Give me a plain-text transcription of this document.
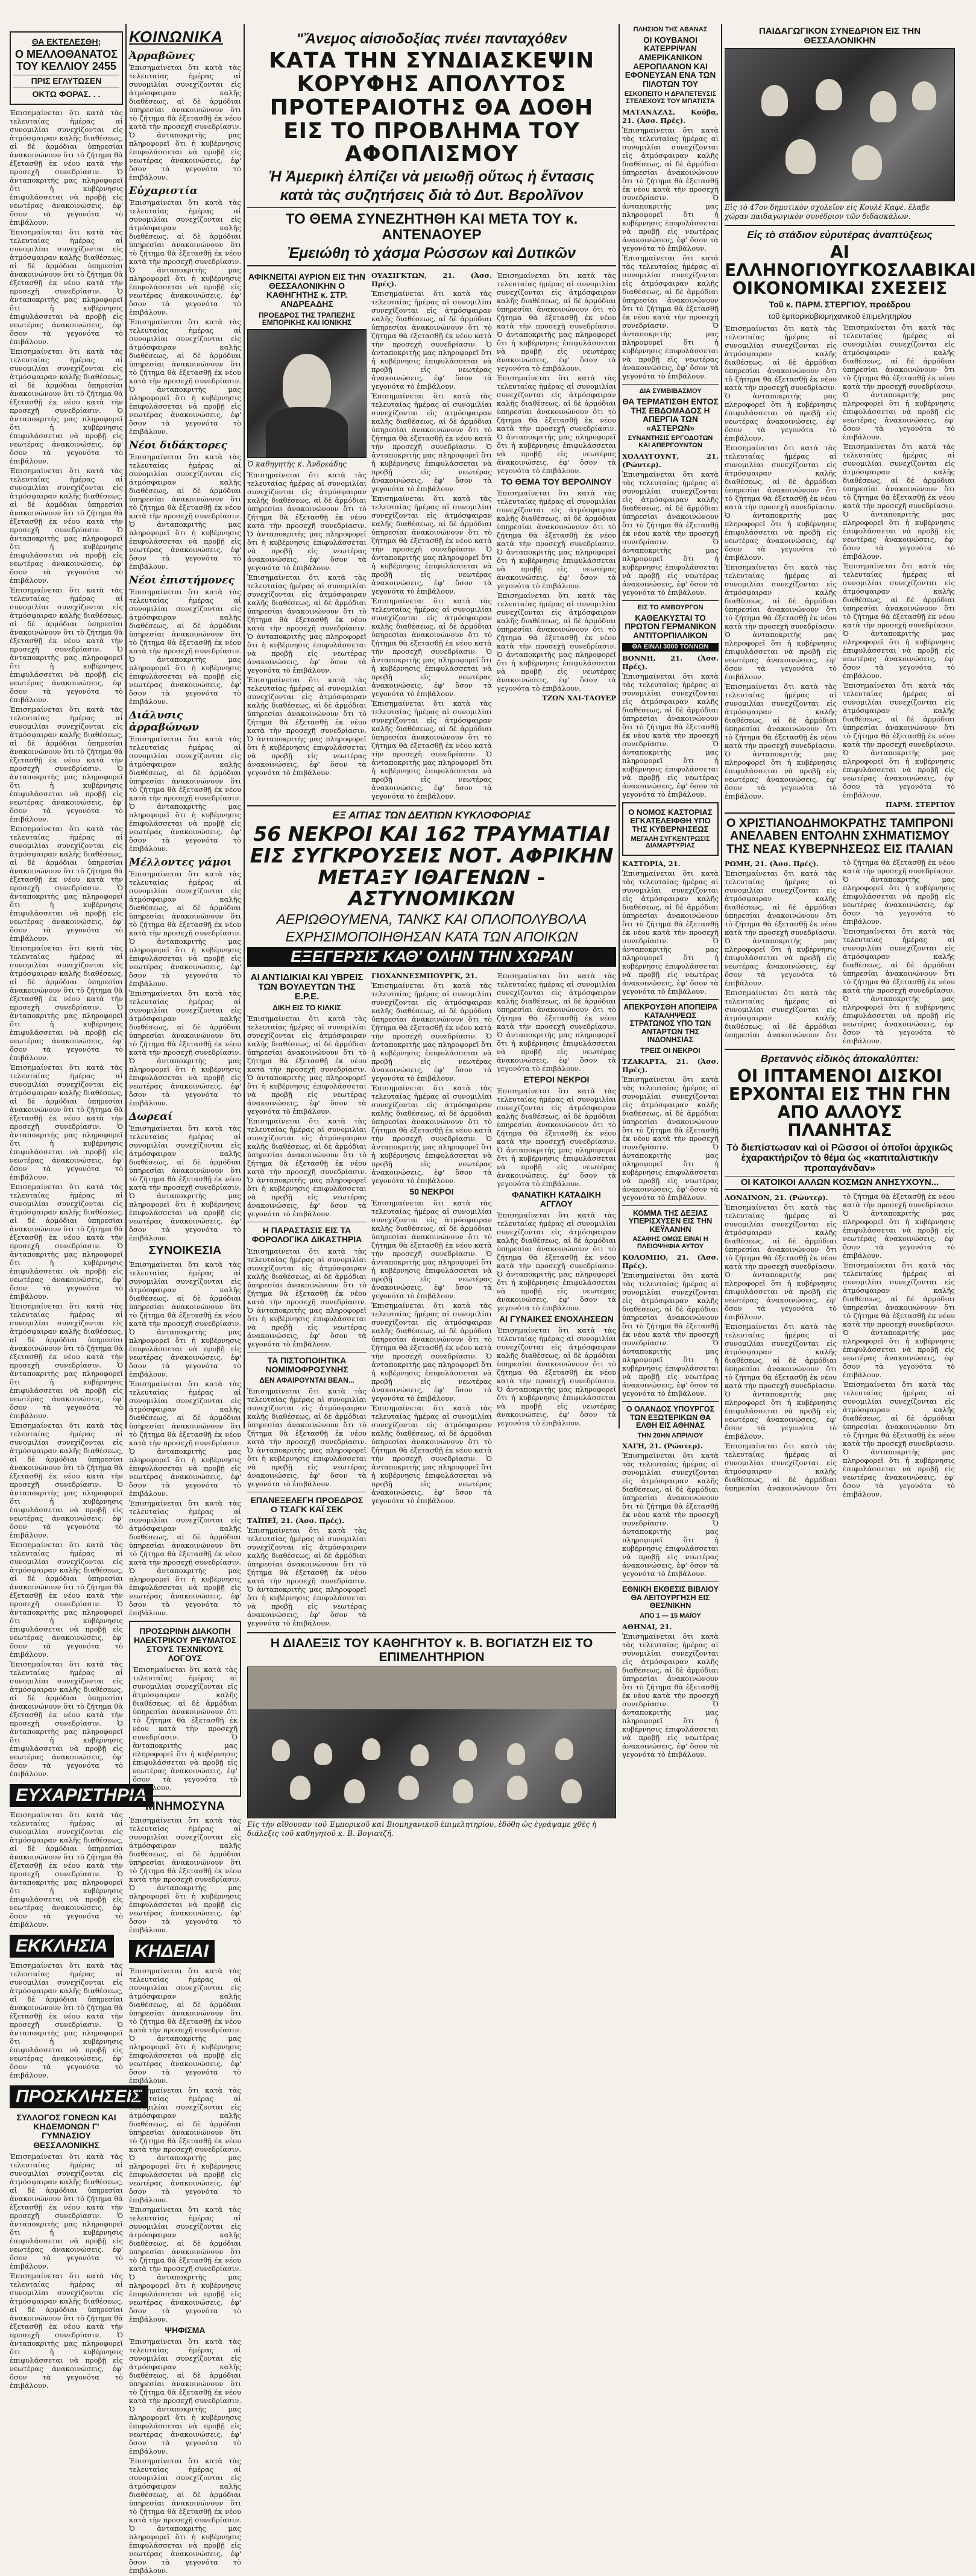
ΘΑ ΕΚΤΕΛΕΣΘΗ;
Ο ΜΕΛΛΟΘΑΝΑΤΟΣ ΤΟΥ ΚΕΛΛΙΟΥ 2455
ΠΡΙΣ ΕΓΛΥΤΩΣΕΝ
ΟΚΤΩ ΦΟΡΑΣ. . .

Ἐπισημαίνεται ὅτι κατὰ τὰς τελευταίας ἡμέρας αἱ συνομιλίαι συνεχίζονται εἰς ἀτμόσφαιραν καλῆς διαθέσεως, αἱ δὲ ἀρμόδιαι ὑπηρεσίαι ἀνακοινώνουν ὅτι τὸ ζήτημα θὰ ἐξετασθῇ ἐκ νέου κατὰ τὴν προσεχῆ συνεδρίασιν. Ὁ ἀνταποκριτὴς μας πληροφορεῖ ὅτι ἡ κυβέρνησις ἐπιφυλάσσεται νὰ προβῇ εἰς νεωτέρας ἀνακοινώσεις, ἐφ' ὅσον τὰ γεγονότα τὸ ἐπιβάλουν.

Ἐπισημαίνεται ὅτι κατὰ τὰς τελευταίας ἡμέρας αἱ συνομιλίαι συνεχίζονται εἰς ἀτμόσφαιραν καλῆς διαθέσεως, αἱ δὲ ἀρμόδιαι ὑπηρεσίαι ἀνακοινώνουν ὅτι τὸ ζήτημα θὰ ἐξετασθῇ ἐκ νέου κατὰ τὴν προσεχῆ συνεδρίασιν. Ὁ ἀνταποκριτὴς μας πληροφορεῖ ὅτι ἡ κυβέρνησις ἐπιφυλάσσεται νὰ προβῇ εἰς νεωτέρας ἀνακοινώσεις, ἐφ' ὅσον τὰ γεγονότα τὸ ἐπιβάλουν.

Ἐπισημαίνεται ὅτι κατὰ τὰς τελευταίας ἡμέρας αἱ συνομιλίαι συνεχίζονται εἰς ἀτμόσφαιραν καλῆς διαθέσεως, αἱ δὲ ἀρμόδιαι ὑπηρεσίαι ἀνακοινώνουν ὅτι τὸ ζήτημα θὰ ἐξετασθῇ ἐκ νέου κατὰ τὴν προσεχῆ συνεδρίασιν. Ὁ ἀνταποκριτὴς μας πληροφορεῖ ὅτι ἡ κυβέρνησις ἐπιφυλάσσεται νὰ προβῇ εἰς νεωτέρας ἀνακοινώσεις, ἐφ' ὅσον τὰ γεγονότα τὸ ἐπιβάλουν.

Ἐπισημαίνεται ὅτι κατὰ τὰς τελευταίας ἡμέρας αἱ συνομιλίαι συνεχίζονται εἰς ἀτμόσφαιραν καλῆς διαθέσεως, αἱ δὲ ἀρμόδιαι ὑπηρεσίαι ἀνακοινώνουν ὅτι τὸ ζήτημα θὰ ἐξετασθῇ ἐκ νέου κατὰ τὴν προσεχῆ συνεδρίασιν. Ὁ ἀνταποκριτὴς μας πληροφορεῖ ὅτι ἡ κυβέρνησις ἐπιφυλάσσεται νὰ προβῇ εἰς νεωτέρας ἀνακοινώσεις, ἐφ' ὅσον τὰ γεγονότα τὸ ἐπιβάλουν.

Ἐπισημαίνεται ὅτι κατὰ τὰς τελευταίας ἡμέρας αἱ συνομιλίαι συνεχίζονται εἰς ἀτμόσφαιραν καλῆς διαθέσεως, αἱ δὲ ἀρμόδιαι ὑπηρεσίαι ἀνακοινώνουν ὅτι τὸ ζήτημα θὰ ἐξετασθῇ ἐκ νέου κατὰ τὴν προσεχῆ συνεδρίασιν. Ὁ ἀνταποκριτὴς μας πληροφορεῖ ὅτι ἡ κυβέρνησις ἐπιφυλάσσεται νὰ προβῇ εἰς νεωτέρας ἀνακοινώσεις, ἐφ' ὅσον τὰ γεγονότα τὸ ἐπιβάλουν.

Ἐπισημαίνεται ὅτι κατὰ τὰς τελευταίας ἡμέρας αἱ συνομιλίαι συνεχίζονται εἰς ἀτμόσφαιραν καλῆς διαθέσεως, αἱ δὲ ἀρμόδιαι ὑπηρεσίαι ἀνακοινώνουν ὅτι τὸ ζήτημα θὰ ἐξετασθῇ ἐκ νέου κατὰ τὴν προσεχῆ συνεδρίασιν. Ὁ ἀνταποκριτὴς μας πληροφορεῖ ὅτι ἡ κυβέρνησις ἐπιφυλάσσεται νὰ προβῇ εἰς νεωτέρας ἀνακοινώσεις, ἐφ' ὅσον τὰ γεγονότα τὸ ἐπιβάλουν.

Ἐπισημαίνεται ὅτι κατὰ τὰς τελευταίας ἡμέρας αἱ συνομιλίαι συνεχίζονται εἰς ἀτμόσφαιραν καλῆς διαθέσεως, αἱ δὲ ἀρμόδιαι ὑπηρεσίαι ἀνακοινώνουν ὅτι τὸ ζήτημα θὰ ἐξετασθῇ ἐκ νέου κατὰ τὴν προσεχῆ συνεδρίασιν. Ὁ ἀνταποκριτὴς μας πληροφορεῖ ὅτι ἡ κυβέρνησις ἐπιφυλάσσεται νὰ προβῇ εἰς νεωτέρας ἀνακοινώσεις, ἐφ' ὅσον τὰ γεγονότα τὸ ἐπιβάλουν.

Ἐπισημαίνεται ὅτι κατὰ τὰς τελευταίας ἡμέρας αἱ συνομιλίαι συνεχίζονται εἰς ἀτμόσφαιραν καλῆς διαθέσεως, αἱ δὲ ἀρμόδιαι ὑπηρεσίαι ἀνακοινώνουν ὅτι τὸ ζήτημα θὰ ἐξετασθῇ ἐκ νέου κατὰ τὴν προσεχῆ συνεδρίασιν. Ὁ ἀνταποκριτὴς μας πληροφορεῖ ὅτι ἡ κυβέρνησις ἐπιφυλάσσεται νὰ προβῇ εἰς νεωτέρας ἀνακοινώσεις, ἐφ' ὅσον τὰ γεγονότα τὸ ἐπιβάλουν.

Ἐπισημαίνεται ὅτι κατὰ τὰς τελευταίας ἡμέρας αἱ συνομιλίαι συνεχίζονται εἰς ἀτμόσφαιραν καλῆς διαθέσεως, αἱ δὲ ἀρμόδιαι ὑπηρεσίαι ἀνακοινώνουν ὅτι τὸ ζήτημα θὰ ἐξετασθῇ ἐκ νέου κατὰ τὴν προσεχῆ συνεδρίασιν. Ὁ ἀνταποκριτὴς μας πληροφορεῖ ὅτι ἡ κυβέρνησις ἐπιφυλάσσεται νὰ προβῇ εἰς νεωτέρας ἀνακοινώσεις, ἐφ' ὅσον τὰ γεγονότα τὸ ἐπιβάλουν.

Ἐπισημαίνεται ὅτι κατὰ τὰς τελευταίας ἡμέρας αἱ συνομιλίαι συνεχίζονται εἰς ἀτμόσφαιραν καλῆς διαθέσεως, αἱ δὲ ἀρμόδιαι ὑπηρεσίαι ἀνακοινώνουν ὅτι τὸ ζήτημα θὰ ἐξετασθῇ ἐκ νέου κατὰ τὴν προσεχῆ συνεδρίασιν. Ὁ ἀνταποκριτὴς μας πληροφορεῖ ὅτι ἡ κυβέρνησις ἐπιφυλάσσεται νὰ προβῇ εἰς νεωτέρας ἀνακοινώσεις, ἐφ' ὅσον τὰ γεγονότα τὸ ἐπιβάλουν.

Ἐπισημαίνεται ὅτι κατὰ τὰς τελευταίας ἡμέρας αἱ συνομιλίαι συνεχίζονται εἰς ἀτμόσφαιραν καλῆς διαθέσεως, αἱ δὲ ἀρμόδιαι ὑπηρεσίαι ἀνακοινώνουν ὅτι τὸ ζήτημα θὰ ἐξετασθῇ ἐκ νέου κατὰ τὴν προσεχῆ συνεδρίασιν. Ὁ ἀνταποκριτὴς μας πληροφορεῖ ὅτι ἡ κυβέρνησις ἐπιφυλάσσεται νὰ προβῇ εἰς νεωτέρας ἀνακοινώσεις, ἐφ' ὅσον τὰ γεγονότα τὸ ἐπιβάλουν.

Ἐπισημαίνεται ὅτι κατὰ τὰς τελευταίας ἡμέρας αἱ συνομιλίαι συνεχίζονται εἰς ἀτμόσφαιραν καλῆς διαθέσεως, αἱ δὲ ἀρμόδιαι ὑπηρεσίαι ἀνακοινώνουν ὅτι τὸ ζήτημα θὰ ἐξετασθῇ ἐκ νέου κατὰ τὴν προσεχῆ συνεδρίασιν. Ὁ ἀνταποκριτὴς μας πληροφορεῖ ὅτι ἡ κυβέρνησις ἐπιφυλάσσεται νὰ προβῇ εἰς νεωτέρας ἀνακοινώσεις, ἐφ' ὅσον τὰ γεγονότα τὸ ἐπιβάλουν.

Ἐπισημαίνεται ὅτι κατὰ τὰς τελευταίας ἡμέρας αἱ συνομιλίαι συνεχίζονται εἰς ἀτμόσφαιραν καλῆς διαθέσεως, αἱ δὲ ἀρμόδιαι ὑπηρεσίαι ἀνακοινώνουν ὅτι τὸ ζήτημα θὰ ἐξετασθῇ ἐκ νέου κατὰ τὴν προσεχῆ συνεδρίασιν. Ὁ ἀνταποκριτὴς μας πληροφορεῖ ὅτι ἡ κυβέρνησις ἐπιφυλάσσεται νὰ προβῇ εἰς νεωτέρας ἀνακοινώσεις, ἐφ' ὅσον τὰ γεγονότα τὸ ἐπιβάλουν.

Ἐπισημαίνεται ὅτι κατὰ τὰς τελευταίας ἡμέρας αἱ συνομιλίαι συνεχίζονται εἰς ἀτμόσφαιραν καλῆς διαθέσεως, αἱ δὲ ἀρμόδιαι ὑπηρεσίαι ἀνακοινώνουν ὅτι τὸ ζήτημα θὰ ἐξετασθῇ ἐκ νέου κατὰ τὴν προσεχῆ συνεδρίασιν. Ὁ ἀνταποκριτὴς μας πληροφορεῖ ὅτι ἡ κυβέρνησις ἐπιφυλάσσεται νὰ προβῇ εἰς νεωτέρας ἀνακοινώσεις, ἐφ' ὅσον τὰ γεγονότα τὸ ἐπιβάλουν.

ΕΥΧΑΡΙΣΤΗΡΙΑ

Ἐπισημαίνεται ὅτι κατὰ τὰς τελευταίας ἡμέρας αἱ συνομιλίαι συνεχίζονται εἰς ἀτμόσφαιραν καλῆς διαθέσεως, αἱ δὲ ἀρμόδιαι ὑπηρεσίαι ἀνακοινώνουν ὅτι τὸ ζήτημα θὰ ἐξετασθῇ ἐκ νέου κατὰ τὴν προσεχῆ συνεδρίασιν. Ὁ ἀνταποκριτὴς μας πληροφορεῖ ὅτι ἡ κυβέρνησις ἐπιφυλάσσεται νὰ προβῇ εἰς νεωτέρας ἀνακοινώσεις, ἐφ' ὅσον τὰ γεγονότα τὸ ἐπιβάλουν.

ΕΚΚΛΗΣΙΑ

Ἐπισημαίνεται ὅτι κατὰ τὰς τελευταίας ἡμέρας αἱ συνομιλίαι συνεχίζονται εἰς ἀτμόσφαιραν καλῆς διαθέσεως, αἱ δὲ ἀρμόδιαι ὑπηρεσίαι ἀνακοινώνουν ὅτι τὸ ζήτημα θὰ ἐξετασθῇ ἐκ νέου κατὰ τὴν προσεχῆ συνεδρίασιν. Ὁ ἀνταποκριτὴς μας πληροφορεῖ ὅτι ἡ κυβέρνησις ἐπιφυλάσσεται νὰ προβῇ εἰς νεωτέρας ἀνακοινώσεις, ἐφ' ὅσον τὰ γεγονότα τὸ ἐπιβάλουν.

ΠΡΟΣΚΛΗΣΕΙΣ
ΣΥΛΛΟΓΟΣ ΓΟΝΕΩΝ ΚΑΙ ΚΗΔΕΜΟΝΩΝ Γ' ΓΥΜΝΑΣΙΟΥ ΘΕΣΣΑΛΟΝΙΚΗΣ

Ἐπισημαίνεται ὅτι κατὰ τὰς τελευταίας ἡμέρας αἱ συνομιλίαι συνεχίζονται εἰς ἀτμόσφαιραν καλῆς διαθέσεως, αἱ δὲ ἀρμόδιαι ὑπηρεσίαι ἀνακοινώνουν ὅτι τὸ ζήτημα θὰ ἐξετασθῇ ἐκ νέου κατὰ τὴν προσεχῆ συνεδρίασιν. Ὁ ἀνταποκριτὴς μας πληροφορεῖ ὅτι ἡ κυβέρνησις ἐπιφυλάσσεται νὰ προβῇ εἰς νεωτέρας ἀνακοινώσεις, ἐφ' ὅσον τὰ γεγονότα τὸ ἐπιβάλουν.

Ἐπισημαίνεται ὅτι κατὰ τὰς τελευταίας ἡμέρας αἱ συνομιλίαι συνεχίζονται εἰς ἀτμόσφαιραν καλῆς διαθέσεως, αἱ δὲ ἀρμόδιαι ὑπηρεσίαι ἀνακοινώνουν ὅτι τὸ ζήτημα θὰ ἐξετασθῇ ἐκ νέου κατὰ τὴν προσεχῆ συνεδρίασιν. Ὁ ἀνταποκριτὴς μας πληροφορεῖ ὅτι ἡ κυβέρνησις ἐπιφυλάσσεται νὰ προβῇ εἰς νεωτέρας ἀνακοινώσεις, ἐφ' ὅσον τὰ γεγονότα τὸ ἐπιβάλουν.

ΚΟΙΝΩΝΙΚΑ
Ἀρραβῶνες

Ἐπισημαίνεται ὅτι κατὰ τὰς τελευταίας ἡμέρας αἱ συνομιλίαι συνεχίζονται εἰς ἀτμόσφαιραν καλῆς διαθέσεως, αἱ δὲ ἀρμόδιαι ὑπηρεσίαι ἀνακοινώνουν ὅτι τὸ ζήτημα θὰ ἐξετασθῇ ἐκ νέου κατὰ τὴν προσεχῆ συνεδρίασιν. Ὁ ἀνταποκριτὴς μας πληροφορεῖ ὅτι ἡ κυβέρνησις ἐπιφυλάσσεται νὰ προβῇ εἰς νεωτέρας ἀνακοινώσεις, ἐφ' ὅσον τὰ γεγονότα τὸ ἐπιβάλουν.

Εὐχαριστία

Ἐπισημαίνεται ὅτι κατὰ τὰς τελευταίας ἡμέρας αἱ συνομιλίαι συνεχίζονται εἰς ἀτμόσφαιραν καλῆς διαθέσεως, αἱ δὲ ἀρμόδιαι ὑπηρεσίαι ἀνακοινώνουν ὅτι τὸ ζήτημα θὰ ἐξετασθῇ ἐκ νέου κατὰ τὴν προσεχῆ συνεδρίασιν. Ὁ ἀνταποκριτὴς μας πληροφορεῖ ὅτι ἡ κυβέρνησις ἐπιφυλάσσεται νὰ προβῇ εἰς νεωτέρας ἀνακοινώσεις, ἐφ' ὅσον τὰ γεγονότα τὸ ἐπιβάλουν.

Ἐπισημαίνεται ὅτι κατὰ τὰς τελευταίας ἡμέρας αἱ συνομιλίαι συνεχίζονται εἰς ἀτμόσφαιραν καλῆς διαθέσεως, αἱ δὲ ἀρμόδιαι ὑπηρεσίαι ἀνακοινώνουν ὅτι τὸ ζήτημα θὰ ἐξετασθῇ ἐκ νέου κατὰ τὴν προσεχῆ συνεδρίασιν. Ὁ ἀνταποκριτὴς μας πληροφορεῖ ὅτι ἡ κυβέρνησις ἐπιφυλάσσεται νὰ προβῇ εἰς νεωτέρας ἀνακοινώσεις, ἐφ' ὅσον τὰ γεγονότα τὸ ἐπιβάλουν.

Νέοι διδάκτορες

Ἐπισημαίνεται ὅτι κατὰ τὰς τελευταίας ἡμέρας αἱ συνομιλίαι συνεχίζονται εἰς ἀτμόσφαιραν καλῆς διαθέσεως, αἱ δὲ ἀρμόδιαι ὑπηρεσίαι ἀνακοινώνουν ὅτι τὸ ζήτημα θὰ ἐξετασθῇ ἐκ νέου κατὰ τὴν προσεχῆ συνεδρίασιν. Ὁ ἀνταποκριτὴς μας πληροφορεῖ ὅτι ἡ κυβέρνησις ἐπιφυλάσσεται νὰ προβῇ εἰς νεωτέρας ἀνακοινώσεις, ἐφ' ὅσον τὰ γεγονότα τὸ ἐπιβάλουν.

Νέοι ἐπιστήμονες

Ἐπισημαίνεται ὅτι κατὰ τὰς τελευταίας ἡμέρας αἱ συνομιλίαι συνεχίζονται εἰς ἀτμόσφαιραν καλῆς διαθέσεως, αἱ δὲ ἀρμόδιαι ὑπηρεσίαι ἀνακοινώνουν ὅτι τὸ ζήτημα θὰ ἐξετασθῇ ἐκ νέου κατὰ τὴν προσεχῆ συνεδρίασιν. Ὁ ἀνταποκριτὴς μας πληροφορεῖ ὅτι ἡ κυβέρνησις ἐπιφυλάσσεται νὰ προβῇ εἰς νεωτέρας ἀνακοινώσεις, ἐφ' ὅσον τὰ γεγονότα τὸ ἐπιβάλουν.

Διάλυσις ἀρραβώνων

Ἐπισημαίνεται ὅτι κατὰ τὰς τελευταίας ἡμέρας αἱ συνομιλίαι συνεχίζονται εἰς ἀτμόσφαιραν καλῆς διαθέσεως, αἱ δὲ ἀρμόδιαι ὑπηρεσίαι ἀνακοινώνουν ὅτι τὸ ζήτημα θὰ ἐξετασθῇ ἐκ νέου κατὰ τὴν προσεχῆ συνεδρίασιν. Ὁ ἀνταποκριτὴς μας πληροφορεῖ ὅτι ἡ κυβέρνησις ἐπιφυλάσσεται νὰ προβῇ εἰς νεωτέρας ἀνακοινώσεις, ἐφ' ὅσον τὰ γεγονότα τὸ ἐπιβάλουν.

Μέλλοντες γάμοι

Ἐπισημαίνεται ὅτι κατὰ τὰς τελευταίας ἡμέρας αἱ συνομιλίαι συνεχίζονται εἰς ἀτμόσφαιραν καλῆς διαθέσεως, αἱ δὲ ἀρμόδιαι ὑπηρεσίαι ἀνακοινώνουν ὅτι τὸ ζήτημα θὰ ἐξετασθῇ ἐκ νέου κατὰ τὴν προσεχῆ συνεδρίασιν. Ὁ ἀνταποκριτὴς μας πληροφορεῖ ὅτι ἡ κυβέρνησις ἐπιφυλάσσεται νὰ προβῇ εἰς νεωτέρας ἀνακοινώσεις, ἐφ' ὅσον τὰ γεγονότα τὸ ἐπιβάλουν.

Ἐπισημαίνεται ὅτι κατὰ τὰς τελευταίας ἡμέρας αἱ συνομιλίαι συνεχίζονται εἰς ἀτμόσφαιραν καλῆς διαθέσεως, αἱ δὲ ἀρμόδιαι ὑπηρεσίαι ἀνακοινώνουν ὅτι τὸ ζήτημα θὰ ἐξετασθῇ ἐκ νέου κατὰ τὴν προσεχῆ συνεδρίασιν. Ὁ ἀνταποκριτὴς μας πληροφορεῖ ὅτι ἡ κυβέρνησις ἐπιφυλάσσεται νὰ προβῇ εἰς νεωτέρας ἀνακοινώσεις, ἐφ' ὅσον τὰ γεγονότα τὸ ἐπιβάλουν.

Δωρεαί

Ἐπισημαίνεται ὅτι κατὰ τὰς τελευταίας ἡμέρας αἱ συνομιλίαι συνεχίζονται εἰς ἀτμόσφαιραν καλῆς διαθέσεως, αἱ δὲ ἀρμόδιαι ὑπηρεσίαι ἀνακοινώνουν ὅτι τὸ ζήτημα θὰ ἐξετασθῇ ἐκ νέου κατὰ τὴν προσεχῆ συνεδρίασιν. Ὁ ἀνταποκριτὴς μας πληροφορεῖ ὅτι ἡ κυβέρνησις ἐπιφυλάσσεται νὰ προβῇ εἰς νεωτέρας ἀνακοινώσεις, ἐφ' ὅσον τὰ γεγονότα τὸ ἐπιβάλουν.

ΣΥΝΟΙΚΕΣΙΑ

Ἐπισημαίνεται ὅτι κατὰ τὰς τελευταίας ἡμέρας αἱ συνομιλίαι συνεχίζονται εἰς ἀτμόσφαιραν καλῆς διαθέσεως, αἱ δὲ ἀρμόδιαι ὑπηρεσίαι ἀνακοινώνουν ὅτι τὸ ζήτημα θὰ ἐξετασθῇ ἐκ νέου κατὰ τὴν προσεχῆ συνεδρίασιν. Ὁ ἀνταποκριτὴς μας πληροφορεῖ ὅτι ἡ κυβέρνησις ἐπιφυλάσσεται νὰ προβῇ εἰς νεωτέρας ἀνακοινώσεις, ἐφ' ὅσον τὰ γεγονότα τὸ ἐπιβάλουν.

Ἐπισημαίνεται ὅτι κατὰ τὰς τελευταίας ἡμέρας αἱ συνομιλίαι συνεχίζονται εἰς ἀτμόσφαιραν καλῆς διαθέσεως, αἱ δὲ ἀρμόδιαι ὑπηρεσίαι ἀνακοινώνουν ὅτι τὸ ζήτημα θὰ ἐξετασθῇ ἐκ νέου κατὰ τὴν προσεχῆ συνεδρίασιν. Ὁ ἀνταποκριτὴς μας πληροφορεῖ ὅτι ἡ κυβέρνησις ἐπιφυλάσσεται νὰ προβῇ εἰς νεωτέρας ἀνακοινώσεις, ἐφ' ὅσον τὰ γεγονότα τὸ ἐπιβάλουν.

Ἐπισημαίνεται ὅτι κατὰ τὰς τελευταίας ἡμέρας αἱ συνομιλίαι συνεχίζονται εἰς ἀτμόσφαιραν καλῆς διαθέσεως, αἱ δὲ ἀρμόδιαι ὑπηρεσίαι ἀνακοινώνουν ὅτι τὸ ζήτημα θὰ ἐξετασθῇ ἐκ νέου κατὰ τὴν προσεχῆ συνεδρίασιν. Ὁ ἀνταποκριτὴς μας πληροφορεῖ ὅτι ἡ κυβέρνησις ἐπιφυλάσσεται νὰ προβῇ εἰς νεωτέρας ἀνακοινώσεις, ἐφ' ὅσον τὰ γεγονότα τὸ ἐπιβάλουν.

ΠΡΟΣΩΡΙΝΗ ΔΙΑΚΟΠΗ ΗΛΕΚΤΡΙΚΟΥ ΡΕΥΜΑΤΟΣ ΣΤΟΥΣ ΤΕΧΝΙΚΟΥΣ ΛΟΓΟΥΣ

Ἐπισημαίνεται ὅτι κατὰ τὰς τελευταίας ἡμέρας αἱ συνομιλίαι συνεχίζονται εἰς ἀτμόσφαιραν καλῆς διαθέσεως, αἱ δὲ ἀρμόδιαι ὑπηρεσίαι ἀνακοινώνουν ὅτι τὸ ζήτημα θὰ ἐξετασθῇ ἐκ νέου κατὰ τὴν προσεχῆ συνεδρίασιν. Ὁ ἀνταποκριτὴς μας πληροφορεῖ ὅτι ἡ κυβέρνησις ἐπιφυλάσσεται νὰ προβῇ εἰς νεωτέρας ἀνακοινώσεις, ἐφ' ὅσον τὰ γεγονότα τὸ ἐπιβάλουν.

ΜΝΗΜΟΣΥΝΑ

Ἐπισημαίνεται ὅτι κατὰ τὰς τελευταίας ἡμέρας αἱ συνομιλίαι συνεχίζονται εἰς ἀτμόσφαιραν καλῆς διαθέσεως, αἱ δὲ ἀρμόδιαι ὑπηρεσίαι ἀνακοινώνουν ὅτι τὸ ζήτημα θὰ ἐξετασθῇ ἐκ νέου κατὰ τὴν προσεχῆ συνεδρίασιν. Ὁ ἀνταποκριτὴς μας πληροφορεῖ ὅτι ἡ κυβέρνησις ἐπιφυλάσσεται νὰ προβῇ εἰς νεωτέρας ἀνακοινώσεις, ἐφ' ὅσον τὰ γεγονότα τὸ ἐπιβάλουν.

ΚΗΔΕΙΑΙ

Ἐπισημαίνεται ὅτι κατὰ τὰς τελευταίας ἡμέρας αἱ συνομιλίαι συνεχίζονται εἰς ἀτμόσφαιραν καλῆς διαθέσεως, αἱ δὲ ἀρμόδιαι ὑπηρεσίαι ἀνακοινώνουν ὅτι τὸ ζήτημα θὰ ἐξετασθῇ ἐκ νέου κατὰ τὴν προσεχῆ συνεδρίασιν. Ὁ ἀνταποκριτὴς μας πληροφορεῖ ὅτι ἡ κυβέρνησις ἐπιφυλάσσεται νὰ προβῇ εἰς νεωτέρας ἀνακοινώσεις, ἐφ' ὅσον τὰ γεγονότα τὸ ἐπιβάλουν.

Ἐπισημαίνεται ὅτι κατὰ τὰς τελευταίας ἡμέρας αἱ συνομιλίαι συνεχίζονται εἰς ἀτμόσφαιραν καλῆς διαθέσεως, αἱ δὲ ἀρμόδιαι ὑπηρεσίαι ἀνακοινώνουν ὅτι τὸ ζήτημα θὰ ἐξετασθῇ ἐκ νέου κατὰ τὴν προσεχῆ συνεδρίασιν. Ὁ ἀνταποκριτὴς μας πληροφορεῖ ὅτι ἡ κυβέρνησις ἐπιφυλάσσεται νὰ προβῇ εἰς νεωτέρας ἀνακοινώσεις, ἐφ' ὅσον τὰ γεγονότα τὸ ἐπιβάλουν.

Ἐπισημαίνεται ὅτι κατὰ τὰς τελευταίας ἡμέρας αἱ συνομιλίαι συνεχίζονται εἰς ἀτμόσφαιραν καλῆς διαθέσεως, αἱ δὲ ἀρμόδιαι ὑπηρεσίαι ἀνακοινώνουν ὅτι τὸ ζήτημα θὰ ἐξετασθῇ ἐκ νέου κατὰ τὴν προσεχῆ συνεδρίασιν. Ὁ ἀνταποκριτὴς μας πληροφορεῖ ὅτι ἡ κυβέρνησις ἐπιφυλάσσεται νὰ προβῇ εἰς νεωτέρας ἀνακοινώσεις, ἐφ' ὅσον τὰ γεγονότα τὸ ἐπιβάλουν.

ΨΗΦΙΣΜΑ

Ἐπισημαίνεται ὅτι κατὰ τὰς τελευταίας ἡμέρας αἱ συνομιλίαι συνεχίζονται εἰς ἀτμόσφαιραν καλῆς διαθέσεως, αἱ δὲ ἀρμόδιαι ὑπηρεσίαι ἀνακοινώνουν ὅτι τὸ ζήτημα θὰ ἐξετασθῇ ἐκ νέου κατὰ τὴν προσεχῆ συνεδρίασιν. Ὁ ἀνταποκριτὴς μας πληροφορεῖ ὅτι ἡ κυβέρνησις ἐπιφυλάσσεται νὰ προβῇ εἰς νεωτέρας ἀνακοινώσεις, ἐφ' ὅσον τὰ γεγονότα τὸ ἐπιβάλουν.

Ἐπισημαίνεται ὅτι κατὰ τὰς τελευταίας ἡμέρας αἱ συνομιλίαι συνεχίζονται εἰς ἀτμόσφαιραν καλῆς διαθέσεως, αἱ δὲ ἀρμόδιαι ὑπηρεσίαι ἀνακοινώνουν ὅτι τὸ ζήτημα θὰ ἐξετασθῇ ἐκ νέου κατὰ τὴν προσεχῆ συνεδρίασιν. Ὁ ἀνταποκριτὴς μας πληροφορεῖ ὅτι ἡ κυβέρνησις ἐπιφυλάσσεται νὰ προβῇ εἰς νεωτέρας ἀνακοινώσεις, ἐφ' ὅσον τὰ γεγονότα τὸ ἐπιβάλουν.

"Ἄνεμος αἰσιοδοξίας πνέει πανταχόθεν
ΚΑΤΑ ΤΗΝ ΣΥΝΔΙΑΣΚΕΨΙΝ ΚΟΡΥΦΗΣ ΑΠΟΛΥΤΟΣ ΠΡΟΤΕΡΑΙΟΤΗΣ ΘΑ ΔΟΘΗ ΕΙΣ ΤΟ ΠΡΟΒΛΗΜΑ ΤΟΥ ΑΦΟΠΛΙΣΜΟΥ
Ἡ Ἀμερικὴ ἐλπίζει νὰ μειωθῇ οὕτως ἡ ἔντασις
κατὰ τὰς συζητήσεις διὰ τὸ Δυτ. Βερολῖνον
ΤΟ ΘΕΜΑ ΣΥΝΕΖΗΤΗΘΗ ΚΑΙ ΜΕΤΑ ΤΟΥ κ. ΑΝΤΕΝΑΟΥΕΡ
Ἐμειώθη τὸ χάσμα Ρώσσων καὶ Δυτικῶν
ΑΦΙΚΝΕΙΤΑΙ ΑΥΡΙΟΝ ΕΙΣ ΤΗΝ ΘΕΣΣΑΛΟΝΙΚΗΝ Ο ΚΑΘΗΓΗΤΗΣ κ. ΣΤΡ. ΑΝΔΡΕΑΔΗΣ
ΠΡΟΕΔΡΟΣ ΤΗΣ ΤΡΑΠΕΖΗΣ ΕΜΠΟΡΙΚΗΣ ΚΑΙ ΙΟΝΙΚΗΣ
Ὁ καθηγητὴς κ. Ἀνδρεάδης

Ἐπισημαίνεται ὅτι κατὰ τὰς τελευταίας ἡμέρας αἱ συνομιλίαι συνεχίζονται εἰς ἀτμόσφαιραν καλῆς διαθέσεως, αἱ δὲ ἀρμόδιαι ὑπηρεσίαι ἀνακοινώνουν ὅτι τὸ ζήτημα θὰ ἐξετασθῇ ἐκ νέου κατὰ τὴν προσεχῆ συνεδρίασιν. Ὁ ἀνταποκριτὴς μας πληροφορεῖ ὅτι ἡ κυβέρνησις ἐπιφυλάσσεται νὰ προβῇ εἰς νεωτέρας ἀνακοινώσεις, ἐφ' ὅσον τὰ γεγονότα τὸ ἐπιβάλουν.

Ἐπισημαίνεται ὅτι κατὰ τὰς τελευταίας ἡμέρας αἱ συνομιλίαι συνεχίζονται εἰς ἀτμόσφαιραν καλῆς διαθέσεως, αἱ δὲ ἀρμόδιαι ὑπηρεσίαι ἀνακοινώνουν ὅτι τὸ ζήτημα θὰ ἐξετασθῇ ἐκ νέου κατὰ τὴν προσεχῆ συνεδρίασιν. Ὁ ἀνταποκριτὴς μας πληροφορεῖ ὅτι ἡ κυβέρνησις ἐπιφυλάσσεται νὰ προβῇ εἰς νεωτέρας ἀνακοινώσεις, ἐφ' ὅσον τὰ γεγονότα τὸ ἐπιβάλουν.

Ἐπισημαίνεται ὅτι κατὰ τὰς τελευταίας ἡμέρας αἱ συνομιλίαι συνεχίζονται εἰς ἀτμόσφαιραν καλῆς διαθέσεως, αἱ δὲ ἀρμόδιαι ὑπηρεσίαι ἀνακοινώνουν ὅτι τὸ ζήτημα θὰ ἐξετασθῇ ἐκ νέου κατὰ τὴν προσεχῆ συνεδρίασιν. Ὁ ἀνταποκριτὴς μας πληροφορεῖ ὅτι ἡ κυβέρνησις ἐπιφυλάσσεται νὰ προβῇ εἰς νεωτέρας ἀνακοινώσεις, ἐφ' ὅσον τὰ γεγονότα τὸ ἐπιβάλουν.

ΟΥΑΣΙΓΚΤΩΝ, 21. (Ἀσσ. Πρές).

Ἐπισημαίνεται ὅτι κατὰ τὰς τελευταίας ἡμέρας αἱ συνομιλίαι συνεχίζονται εἰς ἀτμόσφαιραν καλῆς διαθέσεως, αἱ δὲ ἀρμόδιαι ὑπηρεσίαι ἀνακοινώνουν ὅτι τὸ ζήτημα θὰ ἐξετασθῇ ἐκ νέου κατὰ τὴν προσεχῆ συνεδρίασιν. Ὁ ἀνταποκριτὴς μας πληροφορεῖ ὅτι ἡ κυβέρνησις ἐπιφυλάσσεται νὰ προβῇ εἰς νεωτέρας ἀνακοινώσεις, ἐφ' ὅσον τὰ γεγονότα τὸ ἐπιβάλουν.

Ἐπισημαίνεται ὅτι κατὰ τὰς τελευταίας ἡμέρας αἱ συνομιλίαι συνεχίζονται εἰς ἀτμόσφαιραν καλῆς διαθέσεως, αἱ δὲ ἀρμόδιαι ὑπηρεσίαι ἀνακοινώνουν ὅτι τὸ ζήτημα θὰ ἐξετασθῇ ἐκ νέου κατὰ τὴν προσεχῆ συνεδρίασιν. Ὁ ἀνταποκριτὴς μας πληροφορεῖ ὅτι ἡ κυβέρνησις ἐπιφυλάσσεται νὰ προβῇ εἰς νεωτέρας ἀνακοινώσεις, ἐφ' ὅσον τὰ γεγονότα τὸ ἐπιβάλουν.

Ἐπισημαίνεται ὅτι κατὰ τὰς τελευταίας ἡμέρας αἱ συνομιλίαι συνεχίζονται εἰς ἀτμόσφαιραν καλῆς διαθέσεως, αἱ δὲ ἀρμόδιαι ὑπηρεσίαι ἀνακοινώνουν ὅτι τὸ ζήτημα θὰ ἐξετασθῇ ἐκ νέου κατὰ τὴν προσεχῆ συνεδρίασιν. Ὁ ἀνταποκριτὴς μας πληροφορεῖ ὅτι ἡ κυβέρνησις ἐπιφυλάσσεται νὰ προβῇ εἰς νεωτέρας ἀνακοινώσεις, ἐφ' ὅσον τὰ γεγονότα τὸ ἐπιβάλουν.

Ἐπισημαίνεται ὅτι κατὰ τὰς τελευταίας ἡμέρας αἱ συνομιλίαι συνεχίζονται εἰς ἀτμόσφαιραν καλῆς διαθέσεως, αἱ δὲ ἀρμόδιαι ὑπηρεσίαι ἀνακοινώνουν ὅτι τὸ ζήτημα θὰ ἐξετασθῇ ἐκ νέου κατὰ τὴν προσεχῆ συνεδρίασιν. Ὁ ἀνταποκριτὴς μας πληροφορεῖ ὅτι ἡ κυβέρνησις ἐπιφυλάσσεται νὰ προβῇ εἰς νεωτέρας ἀνακοινώσεις, ἐφ' ὅσον τὰ γεγονότα τὸ ἐπιβάλουν.

Ἐπισημαίνεται ὅτι κατὰ τὰς τελευταίας ἡμέρας αἱ συνομιλίαι συνεχίζονται εἰς ἀτμόσφαιραν καλῆς διαθέσεως, αἱ δὲ ἀρμόδιαι ὑπηρεσίαι ἀνακοινώνουν ὅτι τὸ ζήτημα θὰ ἐξετασθῇ ἐκ νέου κατὰ τὴν προσεχῆ συνεδρίασιν. Ὁ ἀνταποκριτὴς μας πληροφορεῖ ὅτι ἡ κυβέρνησις ἐπιφυλάσσεται νὰ προβῇ εἰς νεωτέρας ἀνακοινώσεις, ἐφ' ὅσον τὰ γεγονότα τὸ ἐπιβάλουν.

Ἐπισημαίνεται ὅτι κατὰ τὰς τελευταίας ἡμέρας αἱ συνομιλίαι συνεχίζονται εἰς ἀτμόσφαιραν καλῆς διαθέσεως, αἱ δὲ ἀρμόδιαι ὑπηρεσίαι ἀνακοινώνουν ὅτι τὸ ζήτημα θὰ ἐξετασθῇ ἐκ νέου κατὰ τὴν προσεχῆ συνεδρίασιν. Ὁ ἀνταποκριτὴς μας πληροφορεῖ ὅτι ἡ κυβέρνησις ἐπιφυλάσσεται νὰ προβῇ εἰς νεωτέρας ἀνακοινώσεις, ἐφ' ὅσον τὰ γεγονότα τὸ ἐπιβάλουν.

Ἐπισημαίνεται ὅτι κατὰ τὰς τελευταίας ἡμέρας αἱ συνομιλίαι συνεχίζονται εἰς ἀτμόσφαιραν καλῆς διαθέσεως, αἱ δὲ ἀρμόδιαι ὑπηρεσίαι ἀνακοινώνουν ὅτι τὸ ζήτημα θὰ ἐξετασθῇ ἐκ νέου κατὰ τὴν προσεχῆ συνεδρίασιν. Ὁ ἀνταποκριτὴς μας πληροφορεῖ ὅτι ἡ κυβέρνησις ἐπιφυλάσσεται νὰ προβῇ εἰς νεωτέρας ἀνακοινώσεις, ἐφ' ὅσον τὰ γεγονότα τὸ ἐπιβάλουν.

ΤΟ ΘΕΜΑ ΤΟΥ ΒΕΡΟΛΙΝΟΥ

Ἐπισημαίνεται ὅτι κατὰ τὰς τελευταίας ἡμέρας αἱ συνομιλίαι συνεχίζονται εἰς ἀτμόσφαιραν καλῆς διαθέσεως, αἱ δὲ ἀρμόδιαι ὑπηρεσίαι ἀνακοινώνουν ὅτι τὸ ζήτημα θὰ ἐξετασθῇ ἐκ νέου κατὰ τὴν προσεχῆ συνεδρίασιν. Ὁ ἀνταποκριτὴς μας πληροφορεῖ ὅτι ἡ κυβέρνησις ἐπιφυλάσσεται νὰ προβῇ εἰς νεωτέρας ἀνακοινώσεις, ἐφ' ὅσον τὰ γεγονότα τὸ ἐπιβάλουν.

Ἐπισημαίνεται ὅτι κατὰ τὰς τελευταίας ἡμέρας αἱ συνομιλίαι συνεχίζονται εἰς ἀτμόσφαιραν καλῆς διαθέσεως, αἱ δὲ ἀρμόδιαι ὑπηρεσίαι ἀνακοινώνουν ὅτι τὸ ζήτημα θὰ ἐξετασθῇ ἐκ νέου κατὰ τὴν προσεχῆ συνεδρίασιν. Ὁ ἀνταποκριτὴς μας πληροφορεῖ ὅτι ἡ κυβέρνησις ἐπιφυλάσσεται νὰ προβῇ εἰς νεωτέρας ἀνακοινώσεις, ἐφ' ὅσον τὰ γεγονότα τὸ ἐπιβάλουν.

ΤΖΩΝ ΧΑΙ-ΤΑΟΥΕΡ
ΕΞ ΑΙΤΙΑΣ ΤΩΝ ΔΕΛΤΙΩΝ ΚΥΚΛΟΦΟΡΙΑΣ
56 ΝΕΚΡΟΙ ΚΑΙ 162 ΤΡΑΥΜΑΤΙΑΙ ΕΙΣ ΣΥΓΚΡΟΥΣΕΙΣ ΝΟΤ. ΑΦΡΙΚΗΝ ΜΕΤΑΞΥ ΙΘΑΓΕΝΩΝ - ΑΣΤΥΝΟΜΙΚΩΝ
ΑΕΡΙΩΘΟΥΜΕΝΑ, ΤΑΝΚΣ ΚΑΙ ΟΠΛΟΠΟΛΥΒΟΛΑ
ΕΧΡΗΣΙΜΟΠΟΙΗΘΗΣΑΝ ΚΑΤΑ ΤΩΝ ΑΠΟΙΚΩΝ
ΕΞΕΓΕΡΣΙΣ ΚΑΘ' ΟΛΗΝ ΤΗΝ ΧΩΡΑΝ
ΑΙ ΑΝΤΙΔΙΚΙΑΙ ΚΑΙ ΥΒΡΕΙΣ ΤΩΝ ΒΟΥΛΕΥΤΩΝ ΤΗΣ Ε.Ρ.Ε.
ΔΙΚΗ ΕΙΣ ΤΟ ΚΙΛΚΙΣ

Ἐπισημαίνεται ὅτι κατὰ τὰς τελευταίας ἡμέρας αἱ συνομιλίαι συνεχίζονται εἰς ἀτμόσφαιραν καλῆς διαθέσεως, αἱ δὲ ἀρμόδιαι ὑπηρεσίαι ἀνακοινώνουν ὅτι τὸ ζήτημα θὰ ἐξετασθῇ ἐκ νέου κατὰ τὴν προσεχῆ συνεδρίασιν. Ὁ ἀνταποκριτὴς μας πληροφορεῖ ὅτι ἡ κυβέρνησις ἐπιφυλάσσεται νὰ προβῇ εἰς νεωτέρας ἀνακοινώσεις, ἐφ' ὅσον τὰ γεγονότα τὸ ἐπιβάλουν.

Ἐπισημαίνεται ὅτι κατὰ τὰς τελευταίας ἡμέρας αἱ συνομιλίαι συνεχίζονται εἰς ἀτμόσφαιραν καλῆς διαθέσεως, αἱ δὲ ἀρμόδιαι ὑπηρεσίαι ἀνακοινώνουν ὅτι τὸ ζήτημα θὰ ἐξετασθῇ ἐκ νέου κατὰ τὴν προσεχῆ συνεδρίασιν. Ὁ ἀνταποκριτὴς μας πληροφορεῖ ὅτι ἡ κυβέρνησις ἐπιφυλάσσεται νὰ προβῇ εἰς νεωτέρας ἀνακοινώσεις, ἐφ' ὅσον τὰ γεγονότα τὸ ἐπιβάλουν.

Η ΠΑΡΑΣΤΑΣΙΣ ΕΙΣ ΤΑ ΦΟΡΟΛΟΓΙΚΑ ΔΙΚΑΣΤΗΡΙΑ

Ἐπισημαίνεται ὅτι κατὰ τὰς τελευταίας ἡμέρας αἱ συνομιλίαι συνεχίζονται εἰς ἀτμόσφαιραν καλῆς διαθέσεως, αἱ δὲ ἀρμόδιαι ὑπηρεσίαι ἀνακοινώνουν ὅτι τὸ ζήτημα θὰ ἐξετασθῇ ἐκ νέου κατὰ τὴν προσεχῆ συνεδρίασιν. Ὁ ἀνταποκριτὴς μας πληροφορεῖ ὅτι ἡ κυβέρνησις ἐπιφυλάσσεται νὰ προβῇ εἰς νεωτέρας ἀνακοινώσεις, ἐφ' ὅσον τὰ γεγονότα τὸ ἐπιβάλουν.

ΤΑ ΠΙΣΤΟΠΟΙΗΤΙΚΑ ΝΟΜΙΜΟΦΡΟΣΥΝΗΣ
ΔΕΝ ΑΦΑΙΡΟΥΝΤΑΙ ΒΕΑΝ...

Ἐπισημαίνεται ὅτι κατὰ τὰς τελευταίας ἡμέρας αἱ συνομιλίαι συνεχίζονται εἰς ἀτμόσφαιραν καλῆς διαθέσεως, αἱ δὲ ἀρμόδιαι ὑπηρεσίαι ἀνακοινώνουν ὅτι τὸ ζήτημα θὰ ἐξετασθῇ ἐκ νέου κατὰ τὴν προσεχῆ συνεδρίασιν. Ὁ ἀνταποκριτὴς μας πληροφορεῖ ὅτι ἡ κυβέρνησις ἐπιφυλάσσεται νὰ προβῇ εἰς νεωτέρας ἀνακοινώσεις, ἐφ' ὅσον τὰ γεγονότα τὸ ἐπιβάλουν.

ΕΠΑΝΕΞΕΛΕΓΗ ΠΡΟΕΔΡΟΣ Ο ΤΣΑΓΚ ΚΑΪ ΣΕΚ

ΤΑΪΠΕΪ, 21. (Ἀσσ. Πρές).

Ἐπισημαίνεται ὅτι κατὰ τὰς τελευταίας ἡμέρας αἱ συνομιλίαι συνεχίζονται εἰς ἀτμόσφαιραν καλῆς διαθέσεως, αἱ δὲ ἀρμόδιαι ὑπηρεσίαι ἀνακοινώνουν ὅτι τὸ ζήτημα θὰ ἐξετασθῇ ἐκ νέου κατὰ τὴν προσεχῆ συνεδρίασιν. Ὁ ἀνταποκριτὴς μας πληροφορεῖ ὅτι ἡ κυβέρνησις ἐπιφυλάσσεται νὰ προβῇ εἰς νεωτέρας ἀνακοινώσεις, ἐφ' ὅσον τὰ γεγονότα τὸ ἐπιβάλουν.

ΓΙΟΧΑΝΝΕΣΜΠΟΥΡΓΚ, 21.

Ἐπισημαίνεται ὅτι κατὰ τὰς τελευταίας ἡμέρας αἱ συνομιλίαι συνεχίζονται εἰς ἀτμόσφαιραν καλῆς διαθέσεως, αἱ δὲ ἀρμόδιαι ὑπηρεσίαι ἀνακοινώνουν ὅτι τὸ ζήτημα θὰ ἐξετασθῇ ἐκ νέου κατὰ τὴν προσεχῆ συνεδρίασιν. Ὁ ἀνταποκριτὴς μας πληροφορεῖ ὅτι ἡ κυβέρνησις ἐπιφυλάσσεται νὰ προβῇ εἰς νεωτέρας ἀνακοινώσεις, ἐφ' ὅσον τὰ γεγονότα τὸ ἐπιβάλουν.

Ἐπισημαίνεται ὅτι κατὰ τὰς τελευταίας ἡμέρας αἱ συνομιλίαι συνεχίζονται εἰς ἀτμόσφαιραν καλῆς διαθέσεως, αἱ δὲ ἀρμόδιαι ὑπηρεσίαι ἀνακοινώνουν ὅτι τὸ ζήτημα θὰ ἐξετασθῇ ἐκ νέου κατὰ τὴν προσεχῆ συνεδρίασιν. Ὁ ἀνταποκριτὴς μας πληροφορεῖ ὅτι ἡ κυβέρνησις ἐπιφυλάσσεται νὰ προβῇ εἰς νεωτέρας ἀνακοινώσεις, ἐφ' ὅσον τὰ γεγονότα τὸ ἐπιβάλουν.

50 ΝΕΚΡΟΙ

Ἐπισημαίνεται ὅτι κατὰ τὰς τελευταίας ἡμέρας αἱ συνομιλίαι συνεχίζονται εἰς ἀτμόσφαιραν καλῆς διαθέσεως, αἱ δὲ ἀρμόδιαι ὑπηρεσίαι ἀνακοινώνουν ὅτι τὸ ζήτημα θὰ ἐξετασθῇ ἐκ νέου κατὰ τὴν προσεχῆ συνεδρίασιν. Ὁ ἀνταποκριτὴς μας πληροφορεῖ ὅτι ἡ κυβέρνησις ἐπιφυλάσσεται νὰ προβῇ εἰς νεωτέρας ἀνακοινώσεις, ἐφ' ὅσον τὰ γεγονότα τὸ ἐπιβάλουν.

Ἐπισημαίνεται ὅτι κατὰ τὰς τελευταίας ἡμέρας αἱ συνομιλίαι συνεχίζονται εἰς ἀτμόσφαιραν καλῆς διαθέσεως, αἱ δὲ ἀρμόδιαι ὑπηρεσίαι ἀνακοινώνουν ὅτι τὸ ζήτημα θὰ ἐξετασθῇ ἐκ νέου κατὰ τὴν προσεχῆ συνεδρίασιν. Ὁ ἀνταποκριτὴς μας πληροφορεῖ ὅτι ἡ κυβέρνησις ἐπιφυλάσσεται νὰ προβῇ εἰς νεωτέρας ἀνακοινώσεις, ἐφ' ὅσον τὰ γεγονότα τὸ ἐπιβάλουν.

Ἐπισημαίνεται ὅτι κατὰ τὰς τελευταίας ἡμέρας αἱ συνομιλίαι συνεχίζονται εἰς ἀτμόσφαιραν καλῆς διαθέσεως, αἱ δὲ ἀρμόδιαι ὑπηρεσίαι ἀνακοινώνουν ὅτι τὸ ζήτημα θὰ ἐξετασθῇ ἐκ νέου κατὰ τὴν προσεχῆ συνεδρίασιν. Ὁ ἀνταποκριτὴς μας πληροφορεῖ ὅτι ἡ κυβέρνησις ἐπιφυλάσσεται νὰ προβῇ εἰς νεωτέρας ἀνακοινώσεις, ἐφ' ὅσον τὰ γεγονότα τὸ ἐπιβάλουν.

Ἐπισημαίνεται ὅτι κατὰ τὰς τελευταίας ἡμέρας αἱ συνομιλίαι συνεχίζονται εἰς ἀτμόσφαιραν καλῆς διαθέσεως, αἱ δὲ ἀρμόδιαι ὑπηρεσίαι ἀνακοινώνουν ὅτι τὸ ζήτημα θὰ ἐξετασθῇ ἐκ νέου κατὰ τὴν προσεχῆ συνεδρίασιν. Ὁ ἀνταποκριτὴς μας πληροφορεῖ ὅτι ἡ κυβέρνησις ἐπιφυλάσσεται νὰ προβῇ εἰς νεωτέρας ἀνακοινώσεις, ἐφ' ὅσον τὰ γεγονότα τὸ ἐπιβάλουν.

ΕΤΕΡΟΙ ΝΕΚΡΟΙ

Ἐπισημαίνεται ὅτι κατὰ τὰς τελευταίας ἡμέρας αἱ συνομιλίαι συνεχίζονται εἰς ἀτμόσφαιραν καλῆς διαθέσεως, αἱ δὲ ἀρμόδιαι ὑπηρεσίαι ἀνακοινώνουν ὅτι τὸ ζήτημα θὰ ἐξετασθῇ ἐκ νέου κατὰ τὴν προσεχῆ συνεδρίασιν. Ὁ ἀνταποκριτὴς μας πληροφορεῖ ὅτι ἡ κυβέρνησις ἐπιφυλάσσεται νὰ προβῇ εἰς νεωτέρας ἀνακοινώσεις, ἐφ' ὅσον τὰ γεγονότα τὸ ἐπιβάλουν.

ΦΑΝΑΤΙΚΗ ΚΑΤΑΔΙΚΗ ΑΓΓΛΟΥ

Ἐπισημαίνεται ὅτι κατὰ τὰς τελευταίας ἡμέρας αἱ συνομιλίαι συνεχίζονται εἰς ἀτμόσφαιραν καλῆς διαθέσεως, αἱ δὲ ἀρμόδιαι ὑπηρεσίαι ἀνακοινώνουν ὅτι τὸ ζήτημα θὰ ἐξετασθῇ ἐκ νέου κατὰ τὴν προσεχῆ συνεδρίασιν. Ὁ ἀνταποκριτὴς μας πληροφορεῖ ὅτι ἡ κυβέρνησις ἐπιφυλάσσεται νὰ προβῇ εἰς νεωτέρας ἀνακοινώσεις, ἐφ' ὅσον τὰ γεγονότα τὸ ἐπιβάλουν.

ΑΙ ΓΥΝΑΙΚΕΣ ΕΝΟΧΛΗΣΕΩΝ

Ἐπισημαίνεται ὅτι κατὰ τὰς τελευταίας ἡμέρας αἱ συνομιλίαι συνεχίζονται εἰς ἀτμόσφαιραν καλῆς διαθέσεως, αἱ δὲ ἀρμόδιαι ὑπηρεσίαι ἀνακοινώνουν ὅτι τὸ ζήτημα θὰ ἐξετασθῇ ἐκ νέου κατὰ τὴν προσεχῆ συνεδρίασιν. Ὁ ἀνταποκριτὴς μας πληροφορεῖ ὅτι ἡ κυβέρνησις ἐπιφυλάσσεται νὰ προβῇ εἰς νεωτέρας ἀνακοινώσεις, ἐφ' ὅσον τὰ γεγονότα τὸ ἐπιβάλουν.

Η ΔΙΑΛΕΞΙΣ ΤΟΥ ΚΑΘΗΓΗΤΟΥ κ. Β. ΒΟΓΙΑΤΖΗ ΕΙΣ ΤΟ ΕΠΙΜΕΛΗΤΗΡΙΟΝ
Εἰς τὴν αἴθουσαν τοῦ Ἐμπορικοῦ καὶ Βιομηχανικοῦ ἐπιμελητηρίου, ἐδόθη ὡς ἐγράψαμε χθὲς ἡ διάλεξις τοῦ καθηγητοῦ κ. Β. Βογιατζῆ.
ΠΛΗΣΙΟΝ ΤΗΣ ΑΒΑΝΑΣ
ΟΙ ΚΟΥΒΑΝΟΙ ΚΑΤΕΡΡΙΨΑΝ ΑΜΕΡΙΚΑΝΙΚΟΝ ΑΕΡΟΠΛΑΝΟΝ ΚΑΙ ΕΦΟΝΕΥΣΑΝ ΕΝΑ ΤΩΝ ΠΙΛΟΤΩΝ ΤΟΥ
ΕΣΚΟΠΕΙΤΟ Η ΔΡΑΠΕΤΕΥΣΙΣ ΣΤΕΛΕΧΟΥΣ ΤΟΥ ΜΠΑΤΙΣΤΑ

ΜΑΤΑΝΑΖΑΣ, Κούβα, 21. (Ἀσσ. Πρές).

Ἐπισημαίνεται ὅτι κατὰ τὰς τελευταίας ἡμέρας αἱ συνομιλίαι συνεχίζονται εἰς ἀτμόσφαιραν καλῆς διαθέσεως, αἱ δὲ ἀρμόδιαι ὑπηρεσίαι ἀνακοινώνουν ὅτι τὸ ζήτημα θὰ ἐξετασθῇ ἐκ νέου κατὰ τὴν προσεχῆ συνεδρίασιν. Ὁ ἀνταποκριτὴς μας πληροφορεῖ ὅτι ἡ κυβέρνησις ἐπιφυλάσσεται νὰ προβῇ εἰς νεωτέρας ἀνακοινώσεις, ἐφ' ὅσον τὰ γεγονότα τὸ ἐπιβάλουν.

Ἐπισημαίνεται ὅτι κατὰ τὰς τελευταίας ἡμέρας αἱ συνομιλίαι συνεχίζονται εἰς ἀτμόσφαιραν καλῆς διαθέσεως, αἱ δὲ ἀρμόδιαι ὑπηρεσίαι ἀνακοινώνουν ὅτι τὸ ζήτημα θὰ ἐξετασθῇ ἐκ νέου κατὰ τὴν προσεχῆ συνεδρίασιν. Ὁ ἀνταποκριτὴς μας πληροφορεῖ ὅτι ἡ κυβέρνησις ἐπιφυλάσσεται νὰ προβῇ εἰς νεωτέρας ἀνακοινώσεις, ἐφ' ὅσον τὰ γεγονότα τὸ ἐπιβάλουν.

ΔΙΑ ΣΥΜΒΙΒΑΣΜΟΥ
ΘΑ ΤΕΡΜΑΤΙΣΘΗ ΕΝΤΟΣ ΤΗΣ ΕΒΔΟΜΑΔΟΣ Η ΑΠΕΡΓΙΑ ΤΩΝ «ΑΣΤΕΡΩΝ»
ΣΥΝΑΝΤΗΣΙΣ ΕΡΓΟΔΟΤΩΝ ΚΑΙ ΑΠΕΡΓΟΥΝΤΩΝ

ΧΟΛΛΥΓΟΥΝΤ, 21. (Ρώυτερ).

Ἐπισημαίνεται ὅτι κατὰ τὰς τελευταίας ἡμέρας αἱ συνομιλίαι συνεχίζονται εἰς ἀτμόσφαιραν καλῆς διαθέσεως, αἱ δὲ ἀρμόδιαι ὑπηρεσίαι ἀνακοινώνουν ὅτι τὸ ζήτημα θὰ ἐξετασθῇ ἐκ νέου κατὰ τὴν προσεχῆ συνεδρίασιν. Ὁ ἀνταποκριτὴς μας πληροφορεῖ ὅτι ἡ κυβέρνησις ἐπιφυλάσσεται νὰ προβῇ εἰς νεωτέρας ἀνακοινώσεις, ἐφ' ὅσον τὰ γεγονότα τὸ ἐπιβάλουν.

ΕΙΣ ΤΟ ΑΜΒΟΥΡΓΟΝ
ΚΑΘΕΛΚΥΣΤΑΙ ΤΟ ΠΡΩΤΟΝ ΓΕΡΜΑΝΙΚΟΝ ΑΝΤΙΤΟΡΠΙΛΛΙΚΟΝ
ΘΑ ΕΙΝΑΙ 3000 ΤΟΝΝΩΝ

ΒΟΝΝΗ, 21. (Ἀσσ. Πρές).

Ἐπισημαίνεται ὅτι κατὰ τὰς τελευταίας ἡμέρας αἱ συνομιλίαι συνεχίζονται εἰς ἀτμόσφαιραν καλῆς διαθέσεως, αἱ δὲ ἀρμόδιαι ὑπηρεσίαι ἀνακοινώνουν ὅτι τὸ ζήτημα θὰ ἐξετασθῇ ἐκ νέου κατὰ τὴν προσεχῆ συνεδρίασιν. Ὁ ἀνταποκριτὴς μας πληροφορεῖ ὅτι ἡ κυβέρνησις ἐπιφυλάσσεται νὰ προβῇ εἰς νεωτέρας ἀνακοινώσεις, ἐφ' ὅσον τὰ γεγονότα τὸ ἐπιβάλουν.

Ο ΝΟΜΟΣ ΚΑΣΤΟΡΙΑΣ ΕΓΚΑΤΕΛΕΙΦΘΗ ΥΠΟ ΤΗΣ ΚΥΒΕΡΝΗΣΕΩΣ
ΜΕΓΑΛΗ ΣΥΓΚΕΝΤΡΩΣΙΣ ΔΙΑΜΑΡΤΥΡΙΑΣ

ΚΑΣΤΟΡΙΑ, 21.

Ἐπισημαίνεται ὅτι κατὰ τὰς τελευταίας ἡμέρας αἱ συνομιλίαι συνεχίζονται εἰς ἀτμόσφαιραν καλῆς διαθέσεως, αἱ δὲ ἀρμόδιαι ὑπηρεσίαι ἀνακοινώνουν ὅτι τὸ ζήτημα θὰ ἐξετασθῇ ἐκ νέου κατὰ τὴν προσεχῆ συνεδρίασιν. Ὁ ἀνταποκριτὴς μας πληροφορεῖ ὅτι ἡ κυβέρνησις ἐπιφυλάσσεται νὰ προβῇ εἰς νεωτέρας ἀνακοινώσεις, ἐφ' ὅσον τὰ γεγονότα τὸ ἐπιβάλουν.

ΑΠΕΚΡΟΥΣΘΗ ΑΠΟΠΕΙΡΑ ΚΑΤΑΛΗΨΕΩΣ ΣΤΡΑΤΩΝΟΣ ΥΠΟ ΤΩΝ ΑΝΤΑΡΤΩΝ ΤΗΣ ΙΝΔΟΝΗΣΙΑΣ
ΤΡΕΙΣ ΟΙ ΝΕΚΡΟΙ

ΤΖΑΚΑΡΤΑ, 21. (Ἀσσ. Πρές).

Ἐπισημαίνεται ὅτι κατὰ τὰς τελευταίας ἡμέρας αἱ συνομιλίαι συνεχίζονται εἰς ἀτμόσφαιραν καλῆς διαθέσεως, αἱ δὲ ἀρμόδιαι ὑπηρεσίαι ἀνακοινώνουν ὅτι τὸ ζήτημα θὰ ἐξετασθῇ ἐκ νέου κατὰ τὴν προσεχῆ συνεδρίασιν. Ὁ ἀνταποκριτὴς μας πληροφορεῖ ὅτι ἡ κυβέρνησις ἐπιφυλάσσεται νὰ προβῇ εἰς νεωτέρας ἀνακοινώσεις, ἐφ' ὅσον τὰ γεγονότα τὸ ἐπιβάλουν.

ΚΟΜΜΑ ΤΗΣ ΔΕΞΙΑΣ ΥΠΕΡΙΣΧΥΣΕΝ ΕΙΣ ΤΗΝ ΚΕΫΛΑΝΗΝ
ΑΣΑΦΗΣ ΟΜΩΣ ΕΙΝΑΙ Η ΠΛΕΙΟΨΗΦΙΑ ΑΥΤΟΥ

ΚΟΛΟΜΠΟ, 21. (Ἀσσ. Πρές).

Ἐπισημαίνεται ὅτι κατὰ τὰς τελευταίας ἡμέρας αἱ συνομιλίαι συνεχίζονται εἰς ἀτμόσφαιραν καλῆς διαθέσεως, αἱ δὲ ἀρμόδιαι ὑπηρεσίαι ἀνακοινώνουν ὅτι τὸ ζήτημα θὰ ἐξετασθῇ ἐκ νέου κατὰ τὴν προσεχῆ συνεδρίασιν. Ὁ ἀνταποκριτὴς μας πληροφορεῖ ὅτι ἡ κυβέρνησις ἐπιφυλάσσεται νὰ προβῇ εἰς νεωτέρας ἀνακοινώσεις, ἐφ' ὅσον τὰ γεγονότα τὸ ἐπιβάλουν.

Ο ΟΛΑΝΔΟΣ ΥΠΟΥΡΓΟΣ ΤΩΝ ΕΞΩΤΕΡΙΚΩΝ ΘΑ ΕΛΘΗ ΕΙΣ ΑΘΗΝΑΣ
ΤΗΝ 20ΗΝ ΑΠΡΙΛΙΟΥ

ΧΑΓΗ, 21. (Ρώυτερ).

Ἐπισημαίνεται ὅτι κατὰ τὰς τελευταίας ἡμέρας αἱ συνομιλίαι συνεχίζονται εἰς ἀτμόσφαιραν καλῆς διαθέσεως, αἱ δὲ ἀρμόδιαι ὑπηρεσίαι ἀνακοινώνουν ὅτι τὸ ζήτημα θὰ ἐξετασθῇ ἐκ νέου κατὰ τὴν προσεχῆ συνεδρίασιν. Ὁ ἀνταποκριτὴς μας πληροφορεῖ ὅτι ἡ κυβέρνησις ἐπιφυλάσσεται νὰ προβῇ εἰς νεωτέρας ἀνακοινώσεις, ἐφ' ὅσον τὰ γεγονότα τὸ ἐπιβάλουν.

ΕΘΝΙΚΗ ΕΚΘΕΣΙΣ ΒΙΒΛΙΟΥ ΘΑ ΛΕΙΤΟΥΡΓΗΣΗ ΕΙΣ ΘΕΣ/ΝΙΚΗΝ
ΑΠΟ 1 — 15 ΜΑΪΟΥ

ΑΘΗΝΑΙ, 21.

Ἐπισημαίνεται ὅτι κατὰ τὰς τελευταίας ἡμέρας αἱ συνομιλίαι συνεχίζονται εἰς ἀτμόσφαιραν καλῆς διαθέσεως, αἱ δὲ ἀρμόδιαι ὑπηρεσίαι ἀνακοινώνουν ὅτι τὸ ζήτημα θὰ ἐξετασθῇ ἐκ νέου κατὰ τὴν προσεχῆ συνεδρίασιν. Ὁ ἀνταποκριτὴς μας πληροφορεῖ ὅτι ἡ κυβέρνησις ἐπιφυλάσσεται νὰ προβῇ εἰς νεωτέρας ἀνακοινώσεις, ἐφ' ὅσον τὰ γεγονότα τὸ ἐπιβάλουν.

ΠΑΙΔΑΓΩΓΙΚΟΝ ΣΥΝΕΔΡΙΟΝ ΕΙΣ ΤΗΝ ΘΕΣΣΑΛΟΝΙΚΗΝ
Εἰς τὸ 47ον δημοτικὸν σχολεῖον εἰς Κουλὲ Καφὲ, ἔλαβε χώραν παιδαγωγικὸν συνέδριον τῶν διδασκάλων.
Εἰς τὸ στάδιον εὐρυτέρας ἀναπτύξεως
ΑΙ ΕΛΛΗΝΟΓΙΟΥΓΚΟΣΛΑΒΙΚΑΙ ΟΙΚΟΝΟΜΙΚΑΙ ΣΧΕΣΕΙΣ
Τοῦ κ. ΠΑΡΜ. ΣΤΕΡΓΙΟΥ, προέδρου
τοῦ ἐμπορικοβιομηχανικοῦ ἐπιμελητηρίου

Ἐπισημαίνεται ὅτι κατὰ τὰς τελευταίας ἡμέρας αἱ συνομιλίαι συνεχίζονται εἰς ἀτμόσφαιραν καλῆς διαθέσεως, αἱ δὲ ἀρμόδιαι ὑπηρεσίαι ἀνακοινώνουν ὅτι τὸ ζήτημα θὰ ἐξετασθῇ ἐκ νέου κατὰ τὴν προσεχῆ συνεδρίασιν. Ὁ ἀνταποκριτὴς μας πληροφορεῖ ὅτι ἡ κυβέρνησις ἐπιφυλάσσεται νὰ προβῇ εἰς νεωτέρας ἀνακοινώσεις, ἐφ' ὅσον τὰ γεγονότα τὸ ἐπιβάλουν.

Ἐπισημαίνεται ὅτι κατὰ τὰς τελευταίας ἡμέρας αἱ συνομιλίαι συνεχίζονται εἰς ἀτμόσφαιραν καλῆς διαθέσεως, αἱ δὲ ἀρμόδιαι ὑπηρεσίαι ἀνακοινώνουν ὅτι τὸ ζήτημα θὰ ἐξετασθῇ ἐκ νέου κατὰ τὴν προσεχῆ συνεδρίασιν. Ὁ ἀνταποκριτὴς μας πληροφορεῖ ὅτι ἡ κυβέρνησις ἐπιφυλάσσεται νὰ προβῇ εἰς νεωτέρας ἀνακοινώσεις, ἐφ' ὅσον τὰ γεγονότα τὸ ἐπιβάλουν.

Ἐπισημαίνεται ὅτι κατὰ τὰς τελευταίας ἡμέρας αἱ συνομιλίαι συνεχίζονται εἰς ἀτμόσφαιραν καλῆς διαθέσεως, αἱ δὲ ἀρμόδιαι ὑπηρεσίαι ἀνακοινώνουν ὅτι τὸ ζήτημα θὰ ἐξετασθῇ ἐκ νέου κατὰ τὴν προσεχῆ συνεδρίασιν. Ὁ ἀνταποκριτὴς μας πληροφορεῖ ὅτι ἡ κυβέρνησις ἐπιφυλάσσεται νὰ προβῇ εἰς νεωτέρας ἀνακοινώσεις, ἐφ' ὅσον τὰ γεγονότα τὸ ἐπιβάλουν.

Ἐπισημαίνεται ὅτι κατὰ τὰς τελευταίας ἡμέρας αἱ συνομιλίαι συνεχίζονται εἰς ἀτμόσφαιραν καλῆς διαθέσεως, αἱ δὲ ἀρμόδιαι ὑπηρεσίαι ἀνακοινώνουν ὅτι τὸ ζήτημα θὰ ἐξετασθῇ ἐκ νέου κατὰ τὴν προσεχῆ συνεδρίασιν. Ὁ ἀνταποκριτὴς μας πληροφορεῖ ὅτι ἡ κυβέρνησις ἐπιφυλάσσεται νὰ προβῇ εἰς νεωτέρας ἀνακοινώσεις, ἐφ' ὅσον τὰ γεγονότα τὸ ἐπιβάλουν.

Ἐπισημαίνεται ὅτι κατὰ τὰς τελευταίας ἡμέρας αἱ συνομιλίαι συνεχίζονται εἰς ἀτμόσφαιραν καλῆς διαθέσεως, αἱ δὲ ἀρμόδιαι ὑπηρεσίαι ἀνακοινώνουν ὅτι τὸ ζήτημα θὰ ἐξετασθῇ ἐκ νέου κατὰ τὴν προσεχῆ συνεδρίασιν. Ὁ ἀνταποκριτὴς μας πληροφορεῖ ὅτι ἡ κυβέρνησις ἐπιφυλάσσεται νὰ προβῇ εἰς νεωτέρας ἀνακοινώσεις, ἐφ' ὅσον τὰ γεγονότα τὸ ἐπιβάλουν.

Ἐπισημαίνεται ὅτι κατὰ τὰς τελευταίας ἡμέρας αἱ συνομιλίαι συνεχίζονται εἰς ἀτμόσφαιραν καλῆς διαθέσεως, αἱ δὲ ἀρμόδιαι ὑπηρεσίαι ἀνακοινώνουν ὅτι τὸ ζήτημα θὰ ἐξετασθῇ ἐκ νέου κατὰ τὴν προσεχῆ συνεδρίασιν. Ὁ ἀνταποκριτὴς μας πληροφορεῖ ὅτι ἡ κυβέρνησις ἐπιφυλάσσεται νὰ προβῇ εἰς νεωτέρας ἀνακοινώσεις, ἐφ' ὅσον τὰ γεγονότα τὸ ἐπιβάλουν.

Ἐπισημαίνεται ὅτι κατὰ τὰς τελευταίας ἡμέρας αἱ συνομιλίαι συνεχίζονται εἰς ἀτμόσφαιραν καλῆς διαθέσεως, αἱ δὲ ἀρμόδιαι ὑπηρεσίαι ἀνακοινώνουν ὅτι τὸ ζήτημα θὰ ἐξετασθῇ ἐκ νέου κατὰ τὴν προσεχῆ συνεδρίασιν. Ὁ ἀνταποκριτὴς μας πληροφορεῖ ὅτι ἡ κυβέρνησις ἐπιφυλάσσεται νὰ προβῇ εἰς νεωτέρας ἀνακοινώσεις, ἐφ' ὅσον τὰ γεγονότα τὸ ἐπιβάλουν.

Ἐπισημαίνεται ὅτι κατὰ τὰς τελευταίας ἡμέρας αἱ συνομιλίαι συνεχίζονται εἰς ἀτμόσφαιραν καλῆς διαθέσεως, αἱ δὲ ἀρμόδιαι ὑπηρεσίαι ἀνακοινώνουν ὅτι τὸ ζήτημα θὰ ἐξετασθῇ ἐκ νέου κατὰ τὴν προσεχῆ συνεδρίασιν. Ὁ ἀνταποκριτὴς μας πληροφορεῖ ὅτι ἡ κυβέρνησις ἐπιφυλάσσεται νὰ προβῇ εἰς νεωτέρας ἀνακοινώσεις, ἐφ' ὅσον τὰ γεγονότα τὸ ἐπιβάλουν.

ΠΑΡΜ. ΣΤΕΡΓΙΟΥ
Ο ΧΡΙΣΤΙΑΝΟΔΗΜΟΚΡΑΤΗΣ ΤΑΜΠΡΟΝΙ ΑΝΕΛΑΒΕΝ ΕΝΤΟΛΗΝ ΣΧΗΜΑΤΙΣΜΟΥ ΤΗΣ ΝΕΑΣ ΚΥΒΕΡΝΗΣΕΩΣ ΕΙΣ ΙΤΑΛΙΑΝ

ΡΩΜΗ, 21. (Ἀσσ. Πρές).

Ἐπισημαίνεται ὅτι κατὰ τὰς τελευταίας ἡμέρας αἱ συνομιλίαι συνεχίζονται εἰς ἀτμόσφαιραν καλῆς διαθέσεως, αἱ δὲ ἀρμόδιαι ὑπηρεσίαι ἀνακοινώνουν ὅτι τὸ ζήτημα θὰ ἐξετασθῇ ἐκ νέου κατὰ τὴν προσεχῆ συνεδρίασιν. Ὁ ἀνταποκριτὴς μας πληροφορεῖ ὅτι ἡ κυβέρνησις ἐπιφυλάσσεται νὰ προβῇ εἰς νεωτέρας ἀνακοινώσεις, ἐφ' ὅσον τὰ γεγονότα τὸ ἐπιβάλουν.

Ἐπισημαίνεται ὅτι κατὰ τὰς τελευταίας ἡμέρας αἱ συνομιλίαι συνεχίζονται εἰς ἀτμόσφαιραν καλῆς διαθέσεως, αἱ δὲ ἀρμόδιαι ὑπηρεσίαι ἀνακοινώνουν ὅτι τὸ ζήτημα θὰ ἐξετασθῇ ἐκ νέου κατὰ τὴν προσεχῆ συνεδρίασιν. Ὁ ἀνταποκριτὴς μας πληροφορεῖ ὅτι ἡ κυβέρνησις ἐπιφυλάσσεται νὰ προβῇ εἰς νεωτέρας ἀνακοινώσεις, ἐφ' ὅσον τὰ γεγονότα τὸ ἐπιβάλουν.

Ἐπισημαίνεται ὅτι κατὰ τὰς τελευταίας ἡμέρας αἱ συνομιλίαι συνεχίζονται εἰς ἀτμόσφαιραν καλῆς διαθέσεως, αἱ δὲ ἀρμόδιαι ὑπηρεσίαι ἀνακοινώνουν ὅτι τὸ ζήτημα θὰ ἐξετασθῇ ἐκ νέου κατὰ τὴν προσεχῆ συνεδρίασιν. Ὁ ἀνταποκριτὴς μας πληροφορεῖ ὅτι ἡ κυβέρνησις ἐπιφυλάσσεται νὰ προβῇ εἰς νεωτέρας ἀνακοινώσεις, ἐφ' ὅσον τὰ γεγονότα τὸ ἐπιβάλουν.

Βρεταννὸς εἰδικὸς ἀποκαλύπτει:
ΟΙ ΙΠΤΑΜΕΝΟΙ ΔΙΣΚΟΙ ΕΡΧΟΝΤΑΙ ΕΙΣ ΤΗΝ ΓΗΝ ΑΠΟ ΑΛΛΟΥΣ ΠΛΑΝΗΤΑΣ
Τὸ διεπίστωσαν καὶ οἱ Ρῶσσοι οἱ ὁποῖοι ἀρχικῶς ἐχαρακτήριζον τὸ θέμα ὡς «καπιταλιστικὴν προπαγάνδαν»
ΟΙ ΚΑΤΟΙΚΟΙ ΑΛΛΩΝ ΚΟΣΜΩΝ ΑΝΗΣΥΧΟΥΝ...

ΛΟΝΔΙΝΟΝ, 21. (Ρώυτερ).

Ἐπισημαίνεται ὅτι κατὰ τὰς τελευταίας ἡμέρας αἱ συνομιλίαι συνεχίζονται εἰς ἀτμόσφαιραν καλῆς διαθέσεως, αἱ δὲ ἀρμόδιαι ὑπηρεσίαι ἀνακοινώνουν ὅτι τὸ ζήτημα θὰ ἐξετασθῇ ἐκ νέου κατὰ τὴν προσεχῆ συνεδρίασιν. Ὁ ἀνταποκριτὴς μας πληροφορεῖ ὅτι ἡ κυβέρνησις ἐπιφυλάσσεται νὰ προβῇ εἰς νεωτέρας ἀνακοινώσεις, ἐφ' ὅσον τὰ γεγονότα τὸ ἐπιβάλουν.

Ἐπισημαίνεται ὅτι κατὰ τὰς τελευταίας ἡμέρας αἱ συνομιλίαι συνεχίζονται εἰς ἀτμόσφαιραν καλῆς διαθέσεως, αἱ δὲ ἀρμόδιαι ὑπηρεσίαι ἀνακοινώνουν ὅτι τὸ ζήτημα θὰ ἐξετασθῇ ἐκ νέου κατὰ τὴν προσεχῆ συνεδρίασιν. Ὁ ἀνταποκριτὴς μας πληροφορεῖ ὅτι ἡ κυβέρνησις ἐπιφυλάσσεται νὰ προβῇ εἰς νεωτέρας ἀνακοινώσεις, ἐφ' ὅσον τὰ γεγονότα τὸ ἐπιβάλουν.

Ἐπισημαίνεται ὅτι κατὰ τὰς τελευταίας ἡμέρας αἱ συνομιλίαι συνεχίζονται εἰς ἀτμόσφαιραν καλῆς διαθέσεως, αἱ δὲ ἀρμόδιαι ὑπηρεσίαι ἀνακοινώνουν ὅτι τὸ ζήτημα θὰ ἐξετασθῇ ἐκ νέου κατὰ τὴν προσεχῆ συνεδρίασιν. Ὁ ἀνταποκριτὴς μας πληροφορεῖ ὅτι ἡ κυβέρνησις ἐπιφυλάσσεται νὰ προβῇ εἰς νεωτέρας ἀνακοινώσεις, ἐφ' ὅσον τὰ γεγονότα τὸ ἐπιβάλουν.

Ἐπισημαίνεται ὅτι κατὰ τὰς τελευταίας ἡμέρας αἱ συνομιλίαι συνεχίζονται εἰς ἀτμόσφαιραν καλῆς διαθέσεως, αἱ δὲ ἀρμόδιαι ὑπηρεσίαι ἀνακοινώνουν ὅτι τὸ ζήτημα θὰ ἐξετασθῇ ἐκ νέου κατὰ τὴν προσεχῆ συνεδρίασιν. Ὁ ἀνταποκριτὴς μας πληροφορεῖ ὅτι ἡ κυβέρνησις ἐπιφυλάσσεται νὰ προβῇ εἰς νεωτέρας ἀνακοινώσεις, ἐφ' ὅσον τὰ γεγονότα τὸ ἐπιβάλουν.

Ἐπισημαίνεται ὅτι κατὰ τὰς τελευταίας ἡμέρας αἱ συνομιλίαι συνεχίζονται εἰς ἀτμόσφαιραν καλῆς διαθέσεως, αἱ δὲ ἀρμόδιαι ὑπηρεσίαι ἀνακοινώνουν ὅτι τὸ ζήτημα θὰ ἐξετασθῇ ἐκ νέου κατὰ τὴν προσεχῆ συνεδρίασιν. Ὁ ἀνταποκριτὴς μας πληροφορεῖ ὅτι ἡ κυβέρνησις ἐπιφυλάσσεται νὰ προβῇ εἰς νεωτέρας ἀνακοινώσεις, ἐφ' ὅσον τὰ γεγονότα τὸ ἐπιβάλουν.
